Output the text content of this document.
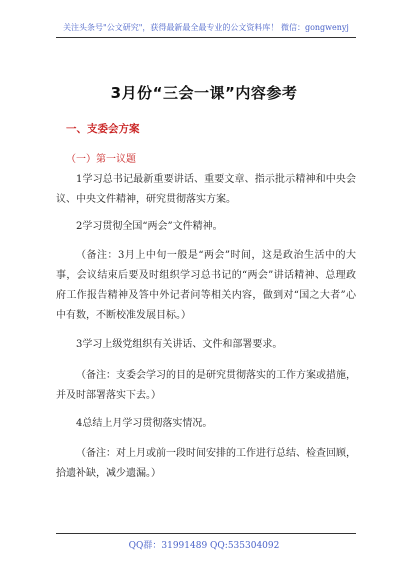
关注头条号"公文研究"，获得最新最全最专业的公文资料库！ 微信：gongwenyj
3月份“三会一课”内容参考
一、支委会方案
（一）第一议题
1学习总书记最新重要讲话、重要文章、指示批示精神和中央会议、中央文件精神，研究贯彻落实方案。
2学习贯彻全国“两会”文件精神。
（备注：3月上中旬一般是“两会”时间，这是政治生活中的大事，会议结束后要及时组织学习总书记的“两会”讲话精神、总理政府工作报告精神及答中外记者问等相关内容，做到对“国之大者”心中有数，不断校准发展目标。）
3学习上级党组织有关讲话、文件和部署要求。
（备注：支委会学习的目的是研究贯彻落实的工作方案或措施，并及时部署落实下去。）
4总结上月学习贯彻落实情况。
（备注：对上月或前一段时间安排的工作进行总结、检查回顾，拾遗补缺，减少遗漏。）
QQ群：31991489 QQ:535304092
